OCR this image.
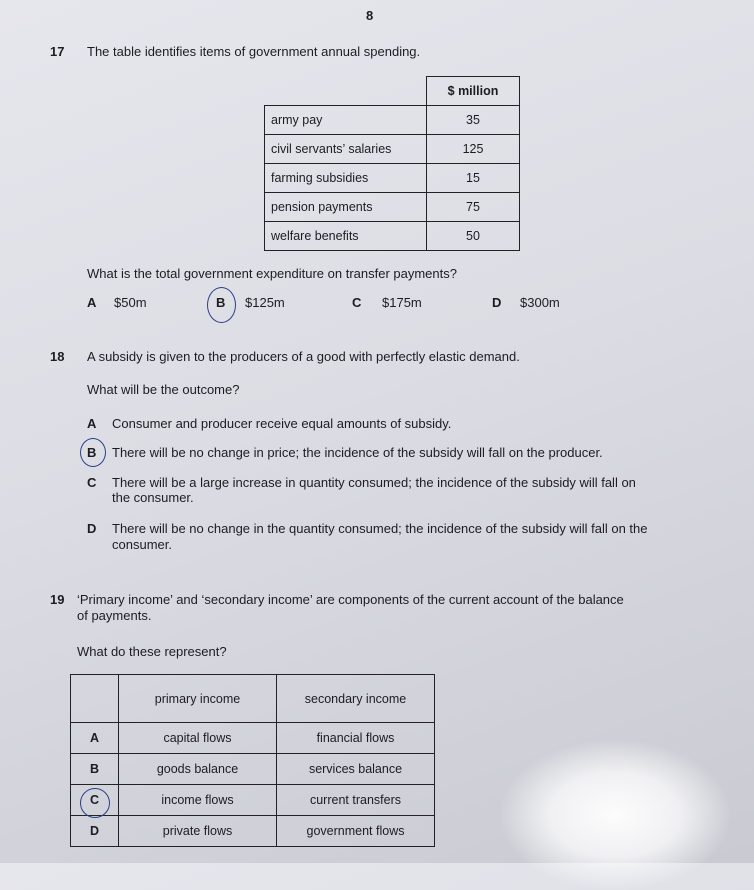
8
17 The table identifies items of government annual spending.
	$ million
army pay	35
civil servants’ salaries	125
farming subsidies	15
pension payments	75
welfare benefits	50
What is the total government expenditure on transfer payments?
A $50m	B $125m	C $175m	D $300m
18 A subsidy is given to the producers of a good with perfectly elastic demand.
What will be the outcome?
A Consumer and producer receive equal amounts of subsidy.
B There will be no change in price; the incidence of the subsidy will fall on the producer.
C There will be a large increase in quantity consumed; the incidence of the subsidy will fall on
the consumer.
D There will be no change in the quantity consumed; the incidence of the subsidy will fall on the
consumer.
19 ‘Primary income’ and ‘secondary income’ are components of the current account of the balance
of payments.
What do these represent?
	primary income	secondary income
A	capital flows	financial flows
B	goods balance	services balance
C	income flows	current transfers
D	private flows	government flows
